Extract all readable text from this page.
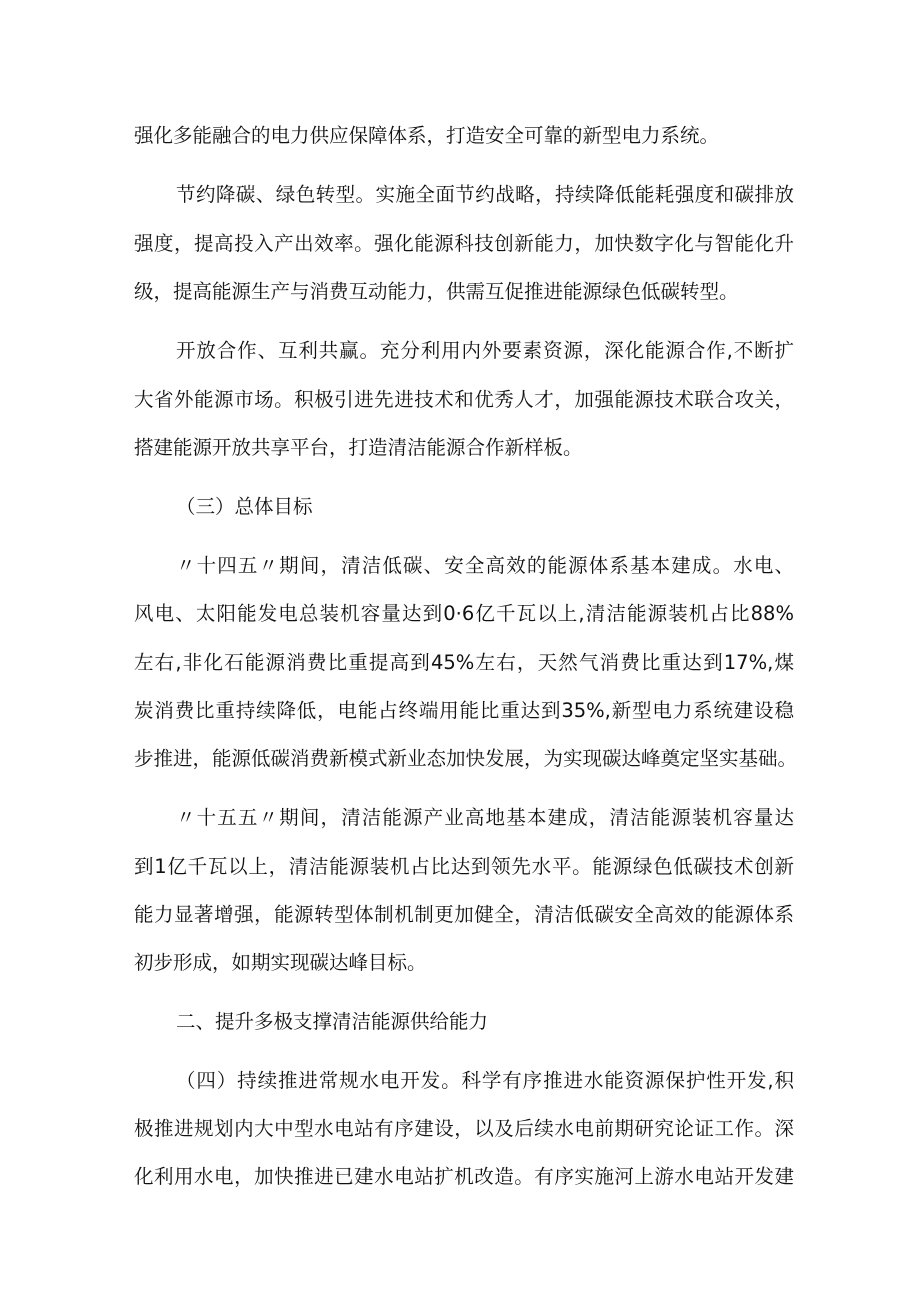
强化多能融合的电力供应保障体系，打造安全可靠的新型电力系统。
节约降碳、绿色转型。实施全面节约战略，持续降低能耗强度和碳排放
强度，提高投入产出效率。强化能源科技创新能力，加快数字化与智能化升
级，提高能源生产与消费互动能力，供需互促推进能源绿色低碳转型。
开放合作、互利共赢。充分利用内外要素资源，深化能源合作,不断扩
大省外能源市场。积极引进先进技术和优秀人才，加强能源技术联合攻关，
搭建能源开放共享平台，打造清洁能源合作新样板。
（三）总体目标
〃十四五〃期间，清洁低碳、安全高效的能源体系基本建成。水电、
风电、太阳能发电总装机容量达到0·6亿千瓦以上,清洁能源装机占比88%
左右,非化石能源消费比重提高到45%左右，天然气消费比重达到17%,煤
炭消费比重持续降低，电能占终端用能比重达到35%,新型电力系统建设稳
步推进，能源低碳消费新模式新业态加快发展，为实现碳达峰奠定坚实基础。
〃十五五〃期间，清洁能源产业高地基本建成，清洁能源装机容量达
到1亿千瓦以上，清洁能源装机占比达到领先水平。能源绿色低碳技术创新
能力显著增强，能源转型体制机制更加健全，清洁低碳安全高效的能源体系
初步形成，如期实现碳达峰目标。
二、提升多极支撑清洁能源供给能力
（四）持续推进常规水电开发。科学有序推进水能资源保护性开发,积
极推进规划内大中型水电站有序建设，以及后续水电前期研究论证工作。深
化利用水电，加快推进已建水电站扩机改造。有序实施河上游水电站开发建
